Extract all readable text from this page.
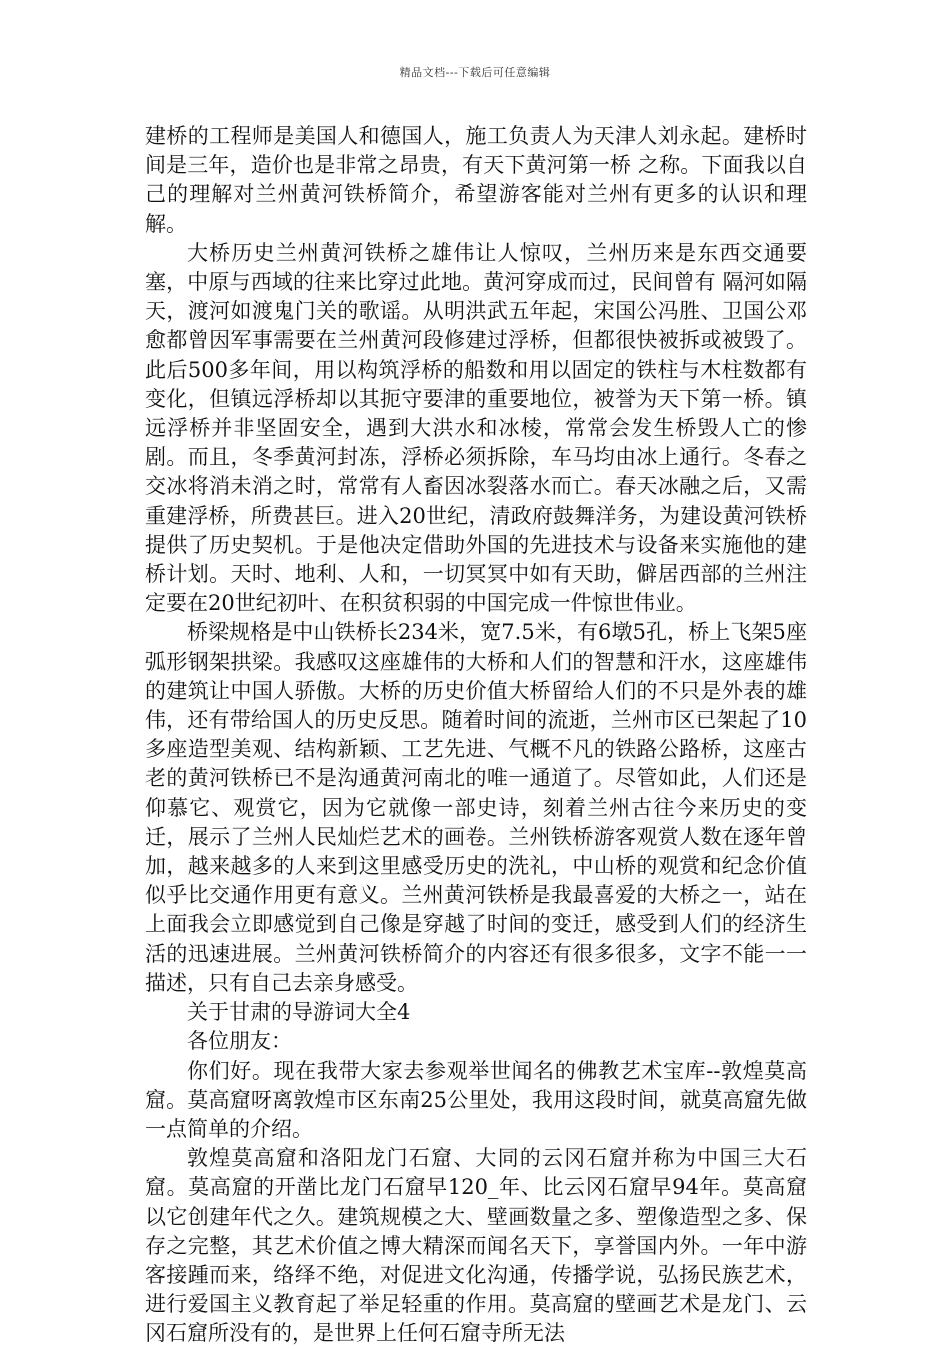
精品文档---下载后可任意编辑

建桥的工程师是美国人和德国人，施工负责人为天津人刘永起。建桥时间是三年，造价也是非常之昂贵，有天下黄河第一桥 之称。下面我以自己的理解对兰州黄河铁桥简介，希望游客能对兰州有更多的认识和理解。

大桥历史兰州黄河铁桥之雄伟让人惊叹，兰州历来是东西交通要塞，中原与西域的往来比穿过此地。黄河穿成而过，民间曾有 隔河如隔天，渡河如渡鬼门关的歌谣。从明洪武五年起，宋国公冯胜、卫国公邓愈都曾因军事需要在兰州黄河段修建过浮桥，但都很快被拆或被毁了。此后500多年间，用以构筑浮桥的船数和用以固定的铁柱与木柱数都有变化，但镇远浮桥却以其扼守要津的重要地位，被誉为天下第一桥。镇远浮桥并非坚固安全，遇到大洪水和冰棱，常常会发生桥毁人亡的惨剧。而且，冬季黄河封冻，浮桥必须拆除，车马均由冰上通行。冬春之交冰将消未消之时，常常有人畜因冰裂落水而亡。春天冰融之后，又需重建浮桥，所费甚巨。进入20世纪，清政府鼓舞洋务，为建设黄河铁桥提供了历史契机。于是他决定借助外国的先进技术与设备来实施他的建桥计划。天时、地利、人和，一切冥冥中如有天助，僻居西部的兰州注定要在20世纪初叶、在积贫积弱的中国完成一件惊世伟业。

桥梁规格是中山铁桥长234米，宽7.5米，有6墩5孔，桥上飞架5座弧形钢架拱梁。我感叹这座雄伟的大桥和人们的智慧和汗水，这座雄伟的建筑让中国人骄傲。大桥的历史价值大桥留给人们的不只是外表的雄伟，还有带给国人的历史反思。随着时间的流逝，兰州市区已架起了10多座造型美观、结构新颖、工艺先进、气概不凡的铁路公路桥，这座古老的黄河铁桥已不是沟通黄河南北的唯一通道了。尽管如此，人们还是仰慕它、观赏它，因为它就像一部史诗，刻着兰州古往今来历史的变迁，展示了兰州人民灿烂艺术的画卷。兰州铁桥游客观赏人数在逐年曾加，越来越多的人来到这里感受历史的洗礼，中山桥的观赏和纪念价值似乎比交通作用更有意义。兰州黄河铁桥是我最喜爱的大桥之一，站在上面我会立即感觉到自己像是穿越了时间的变迁，感受到人们的经济生活的迅速进展。兰州黄河铁桥简介的内容还有很多很多，文字不能一一描述，只有自己去亲身感受。

关于甘肃的导游词大全4

各位朋友：

你们好。现在我带大家去参观举世闻名的佛教艺术宝库--敦煌莫高窟。莫高窟呀离敦煌市区东南25公里处，我用这段时间，就莫高窟先做一点简单的介绍。

敦煌莫高窟和洛阳龙门石窟、大同的云冈石窟并称为中国三大石窟。莫高窟的开凿比龙门石窟早120_年、比云冈石窟早94年。莫高窟以它创建年代之久。建筑规模之大、壁画数量之多、塑像造型之多、保存之完整，其艺术价值之博大精深而闻名天下，享誉国内外。一年中游客接踵而来，络绎不绝，对促进文化沟通，传播学说，弘扬民族艺术，进行爱国主义教育起了举足轻重的作用。莫高窟的壁画艺术是龙门、云冈石窟所没有的，是世界上任何石窟寺所无法
